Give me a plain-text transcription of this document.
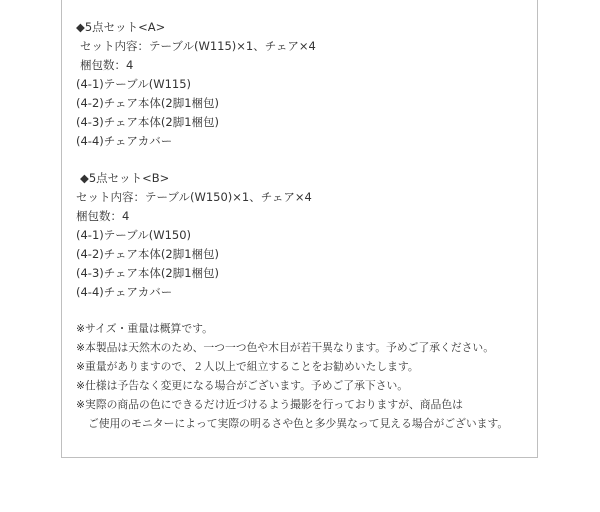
◆5点セット<A>
セット内容：テーブル(W115)×1、チェア×4
梱包数：4
(4-1)テーブル(W115)
(4-2)チェア本体(2脚1梱包)
(4-3)チェア本体(2脚1梱包)
(4-4)チェアカバー
◆5点セット<B>
セット内容：テーブル(W150)×1、チェア×4
梱包数：4
(4-1)テーブル(W150)
(4-2)チェア本体(2脚1梱包)
(4-3)チェア本体(2脚1梱包)
(4-4)チェアカバー
※サイズ・重量は概算です。
※本製品は天然木のため、一つ一つ色や木目が若干異なります。予めご了承ください。
※重量がありますので、２人以上で組立することをお勧めいたします。
※仕様は予告なく変更になる場合がございます。予めご了承下さい。
※実際の商品の色にできるだけ近づけるよう撮影を行っておりますが、商品色は
ご使用のモニターによって実際の明るさや色と多少異なって見える場合がございます。
